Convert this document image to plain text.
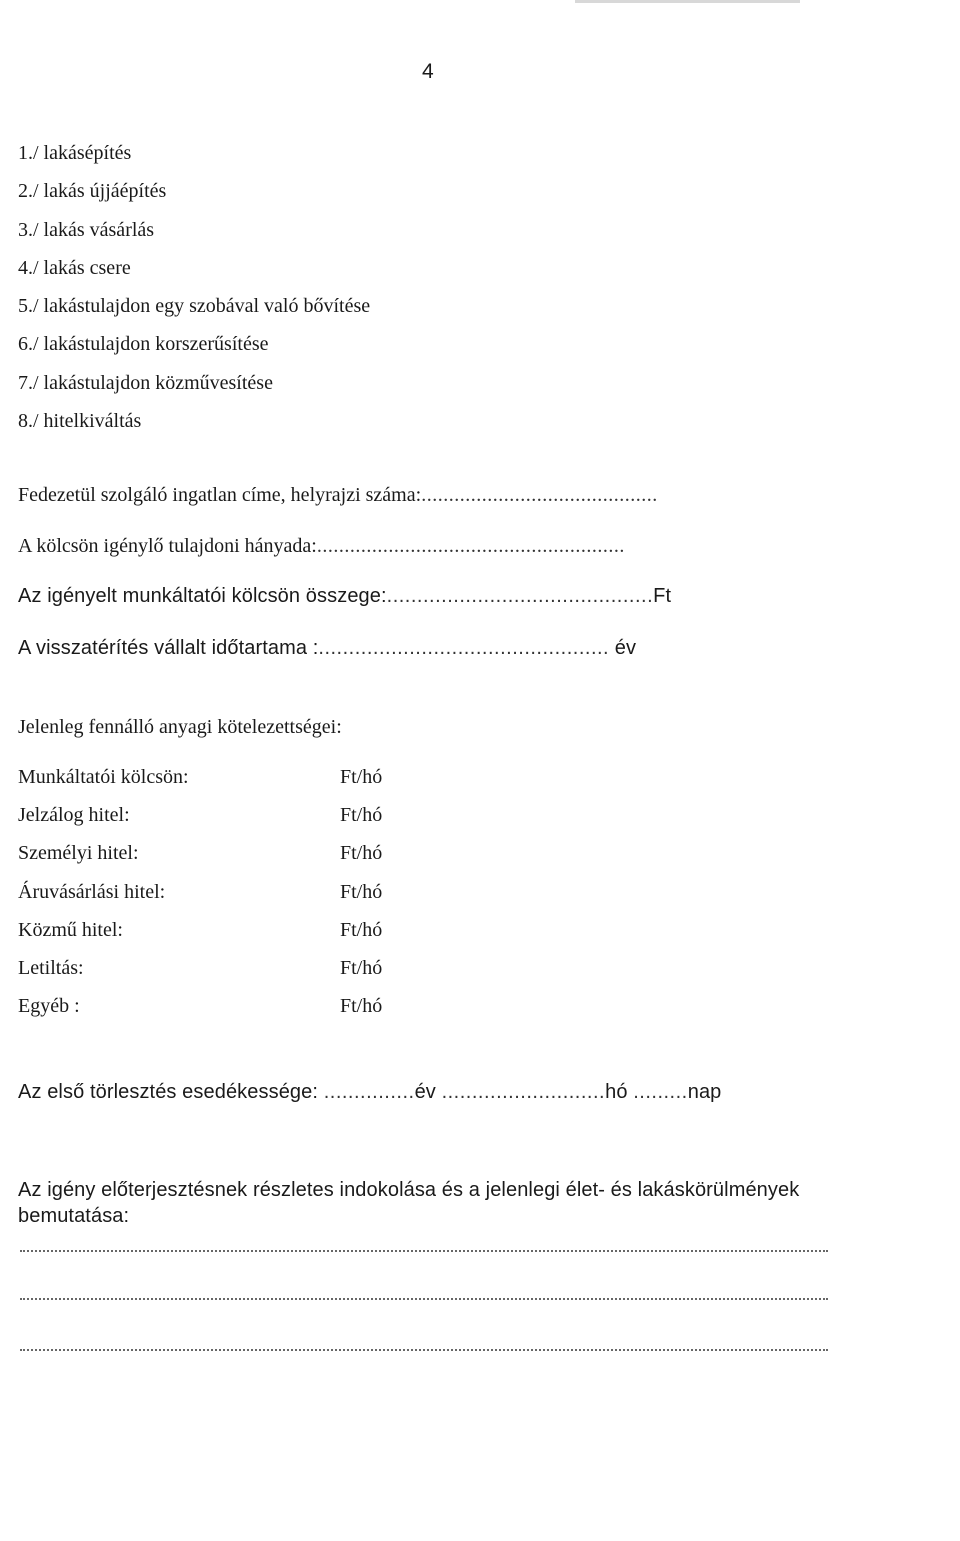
4
1./ lakásépítés
2./ lakás újjáépítés
3./ lakás vásárlás
4./ lakás csere
5./ lakástulajdon egy szobával való bővítése
6./ lakástulajdon korszerűsítése
7./ lakástulajdon közművesítése
8./ hitelkiváltás
Fedezetül szolgáló ingatlan címe, helyrajzi száma:...........................................
A kölcsön igénylő tulajdoni hányada:........................................................
Az igényelt munkáltatói kölcsön összege:............................................Ft
A visszatérítés vállalt időtartama :................................................ év
Jelenleg fennálló anyagi kötelezettségei:
Munkáltatói kölcsön:	Ft/hó
Jelzálog hitel:	Ft/hó
Személyi hitel:	Ft/hó
Áruvásárlási hitel:	Ft/hó
Közmű hitel:	Ft/hó
Letiltás:	Ft/hó
Egyéb :	Ft/hó
Az első törlesztés esedékessége: ...............év ...........................hó .........nap
Az igény előterjesztésnek részletes indokolása és a jelenlegi élet- és lakáskörülmények bemutatása:
